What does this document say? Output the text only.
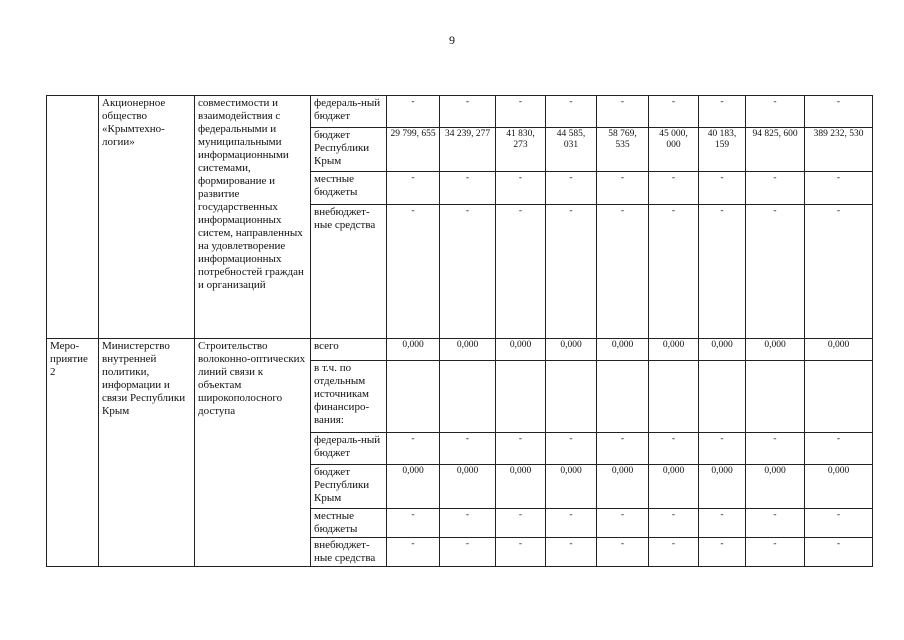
9
	Акционерное общество «Крымтехно-логии»	совместимости и взаимодействия с федеральными и муниципальными информационными системами, формирование и развитие государственных информационных систем, направленных на удовлетворение информационных потребностей граждан и организаций	федераль-ный бюджет	-	-	-	-	-	-	-	-	-
			бюджет Республики Крым	29 799, 655	34 239, 277	41 830, 273	44 585, 031	58 769, 535	45 000, 000	40 183, 159	94 825, 600	389 232, 530
			местные бюджеты	-	-	-	-	-	-	-	-	-
			внебюджет-ные средства	-	-	-	-	-	-	-	-	-
Меро-приятие 2	Министерство внутренней политики, информации и связи Республики Крым	Строительство волоконно-оптических линий связи к объектам широкополосного доступа	всего	0,000	0,000	0,000	0,000	0,000	0,000	0,000	0,000	0,000
			в т.ч. по отдельным источникам финансиро-вания:									
			федераль-ный бюджет	-	-	-	-	-	-	-	-	-
			бюджет Республики Крым	0,000	0,000	0,000	0,000	0,000	0,000	0,000	0,000	0,000
			местные бюджеты	-	-	-	-	-	-	-	-	-
			внебюджет-ные средства	-	-	-	-	-	-	-	-	-
